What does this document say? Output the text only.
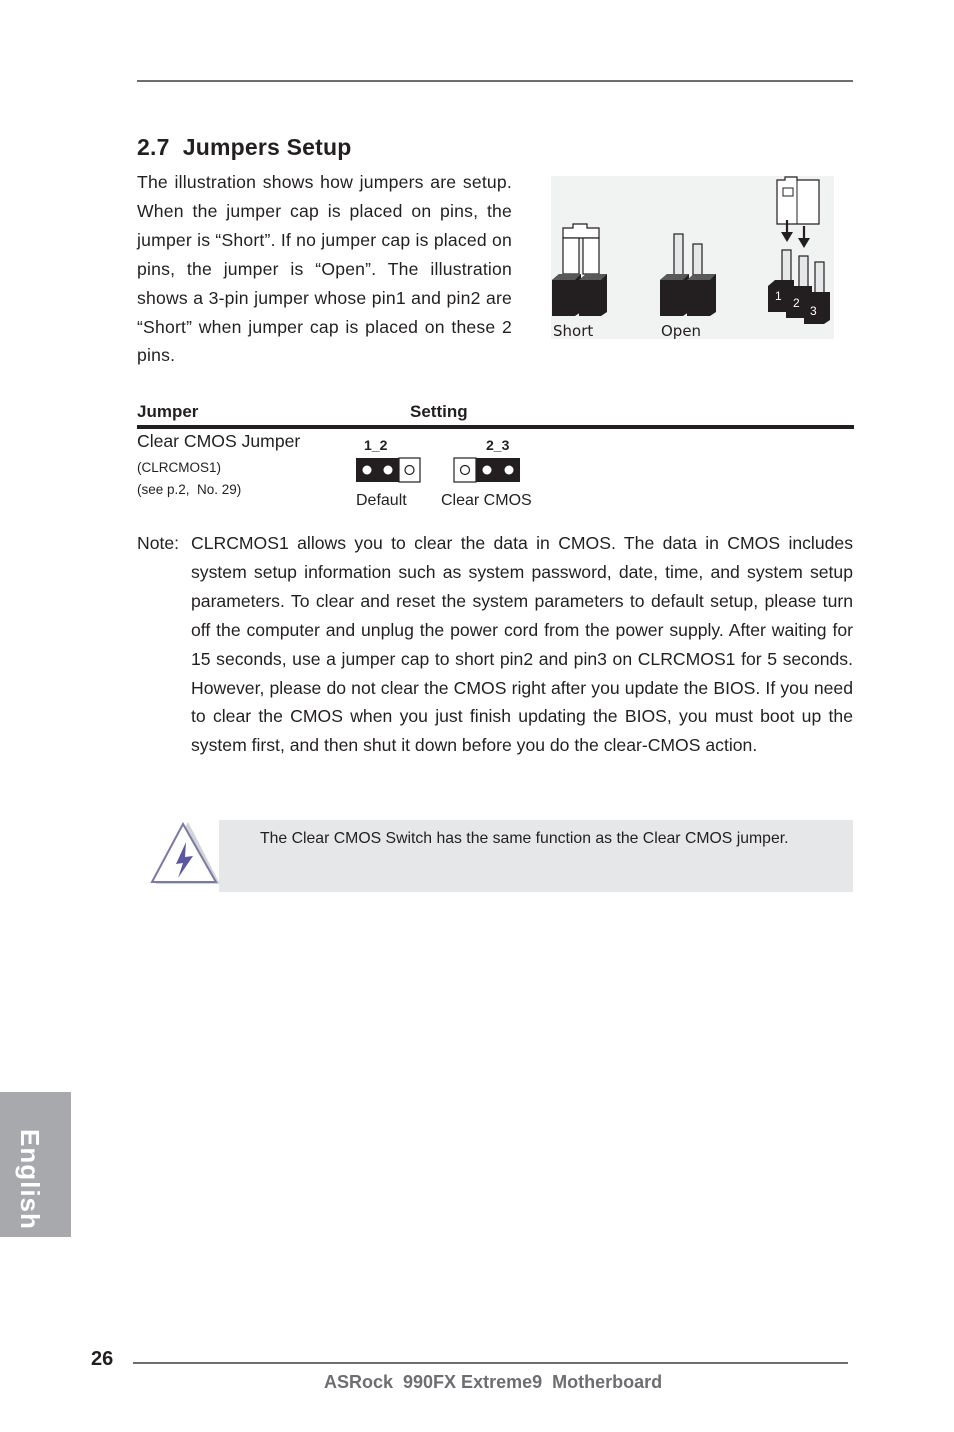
2.7  Jumpers Setup
The illustration shows how jumpers are setup. When the jumper cap is placed on pins, the jumper is “Short”. If no jumper cap is placed on pins, the jumper is “Open”. The illustration shows a 3-pin jumper whose pin1 and pin2 are “Short” when jumper cap is placed on these 2 pins.
1 2
3
Short	Open
Jumper	Setting
Clear CMOS Jumper
(CLRCMOS1)
(see p.2,  No. 29)
1_2	2_3
Default Clear CMOS
Note: CLRCMOS1 allows you to clear the data in CMOS. The data in CMOS includes system setup information such as system password, date, time, and system setup parameters. To clear and reset the system parameters to default setup, please turn off the computer and unplug the power cord from the power supply. After waiting for 15 seconds, use a jumper cap to short pin2 and pin3 on CLRCMOS1 for 5 seconds. However, please do not clear the CMOS right after you update the BIOS. If you need to clear the CMOS when you just finish updating the BIOS, you must boot up the system first, and then shut it down before you do the clear-CMOS action.
The Clear CMOS Switch has the same function as the Clear CMOS jumper.
English
26
ASRock  990FX Extreme9  Motherboard
